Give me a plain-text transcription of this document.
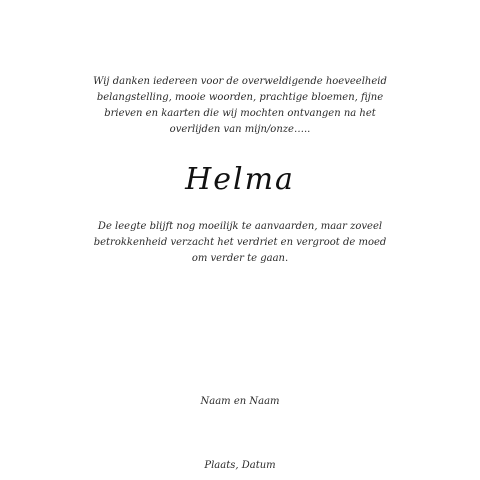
Wij danken iedereen voor de overweldigende hoeveelheid
belangstelling, mooie woorden, prachtige bloemen, fijne
brieven en kaarten die wij mochten ontvangen na het
overlijden van mijn/onze…..
Helma
De leegte blijft nog moeilijk te aanvaarden, maar zoveel
betrokkenheid verzacht het verdriet en vergroot de moed
om verder te gaan.
Naam en Naam
Plaats, Datum
